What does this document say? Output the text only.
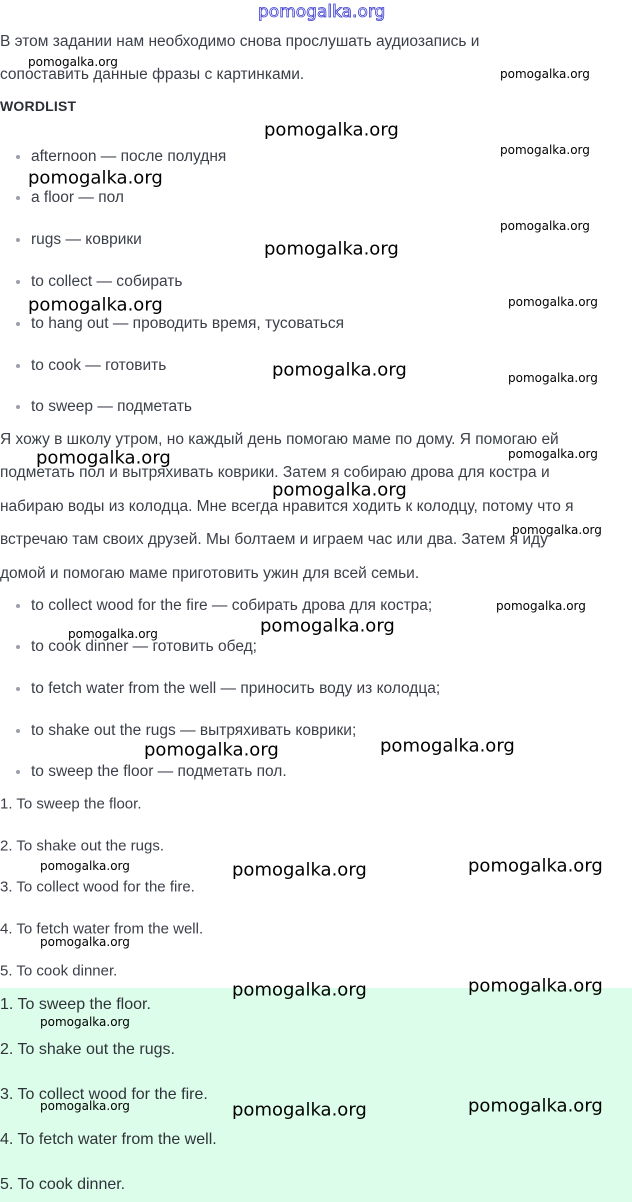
pomogalka.org
В этом задании нам необходимо снова прослушать аудиозапись и
сопоставить данные фразы с картинками.
WORDLIST
afternoon — после полудня
a floor — пол
rugs — коврики
to collect — собирать
to hang out — проводить время, тусоваться
to cook — готовить
to sweep — подметать
Я хожу в школу утром, но каждый день помогаю маме по дому. Я помогаю ей
подметать пол и вытряхивать коврики. Затем я собираю дрова для костра и
набираю воды из колодца. Мне всегда нравится ходить к колодцу, потому что я
встречаю там своих друзей. Мы болтаем и играем час или два. Затем я иду
домой и помогаю маме приготовить ужин для всей семьи.
to collect wood for the fire — собирать дрова для костра;
to cook dinner — готовить обед;
to fetch water from the well — приносить воду из колодца;
to shake out the rugs — вытряхивать коврики;
to sweep the floor — подметать пол.
1. To sweep the floor.
2. To shake out the rugs.
3. To collect wood for the fire.
4. To fetch water from the well.
5. To cook dinner.
1. To sweep the floor.
2. To shake out the rugs.
3. To collect wood for the fire.
4. To fetch water from the well.
5. To cook dinner.
pomogalka.org
pomogalka.org
pomogalka.org
pomogalka.org
pomogalka.org
pomogalka.org
pomogalka.org
pomogalka.org
pomogalka.org
pomogalka.org
pomogalka.org
pomogalka.org
pomogalka.org
pomogalka.org
pomogalka.org
pomogalka.org
pomogalka.org
pomogalka.org
pomogalka.org
pomogalka.org
pomogalka.org
pomogalka.org
pomogalka.org	pomogalka.org
pomogalka.org	pomogalka.org
pomogalka.org	pomogalka.org
pomogalka.org	pomogalka.org
